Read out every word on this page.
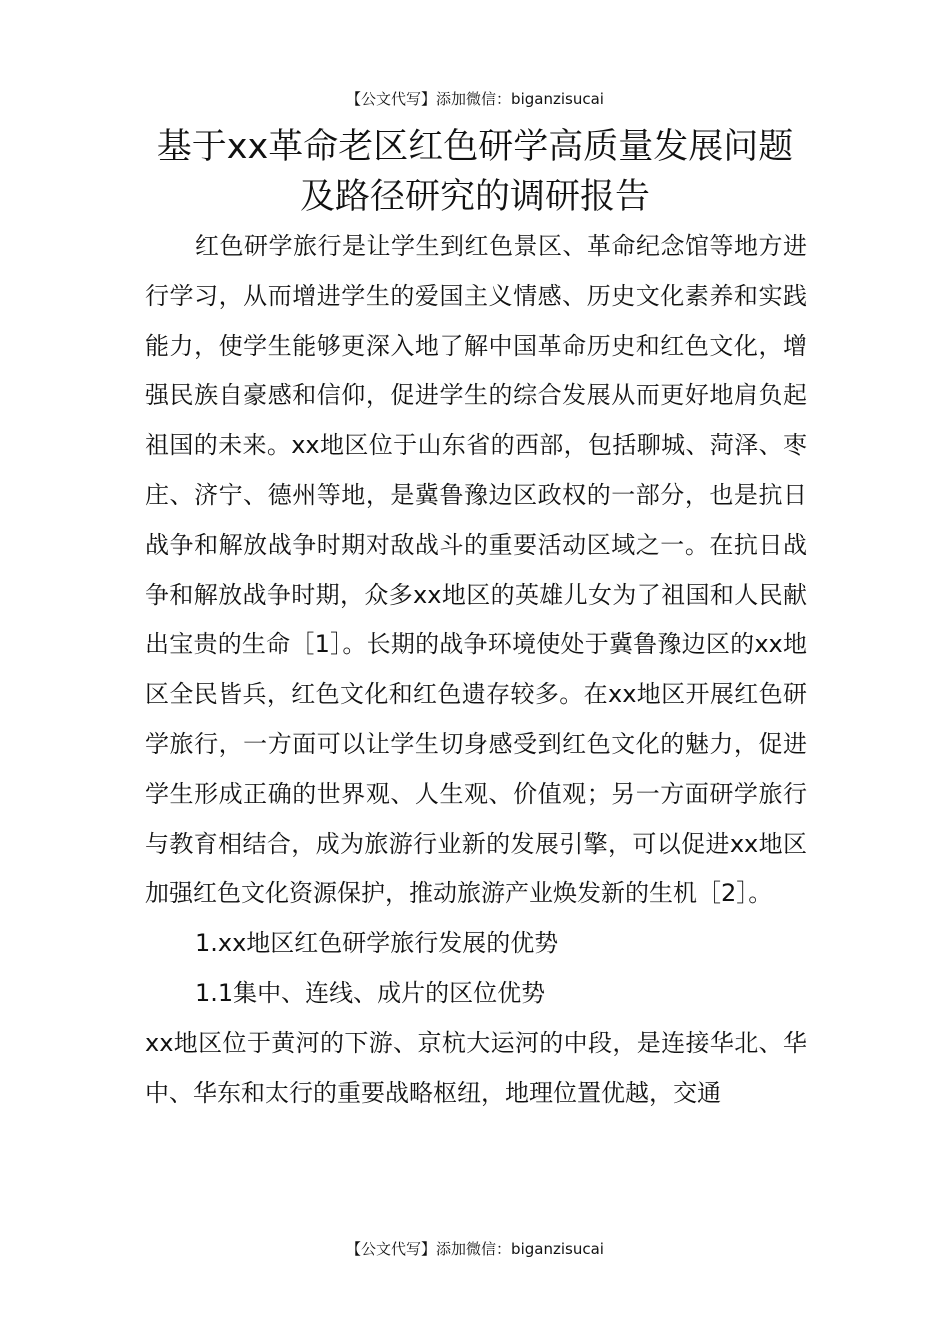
【公文代写】添加微信：biganzisucai
基于xx革命老区红色研学高质量发展问题
及路径研究的调研报告

红色研学旅行是让学生到红色景区、革命纪念馆等地方进行学习，从而增进学生的爱国主义情感、历史文化素养和实践能力，使学生能够更深入地了解中国革命历史和红色文化，增强民族自豪感和信仰，促进学生的综合发展从而更好地肩负起祖国的未来。xx地区位于山东省的西部，包括聊城、菏泽、枣庄、济宁、德州等地，是冀鲁豫边区政权的一部分，也是抗日战争和解放战争时期对敌战斗的重要活动区域之一。在抗日战争和解放战争时期，众多xx地区的英雄儿女为了祖国和人民献出宝贵的生命［1］。长期的战争环境使处于冀鲁豫边区的xx地区全民皆兵，红色文化和红色遗存较多。在xx地区开展红色研学旅行，一方面可以让学生切身感受到红色文化的魅力，促进学生形成正确的世界观、人生观、价值观；另一方面研学旅行与教育相结合，成为旅游行业新的发展引擎，可以促进xx地区加强红色文化资源保护，推动旅游产业焕发新的生机［2］。

1.xx地区红色研学旅行发展的优势

1.1集中、连线、成片的区位优势

xx地区位于黄河的下游、京杭大运河的中段，是连接华北、华中、华东和太行的重要战略枢纽，地理位置优越，交通

【公文代写】添加微信：biganzisucai
